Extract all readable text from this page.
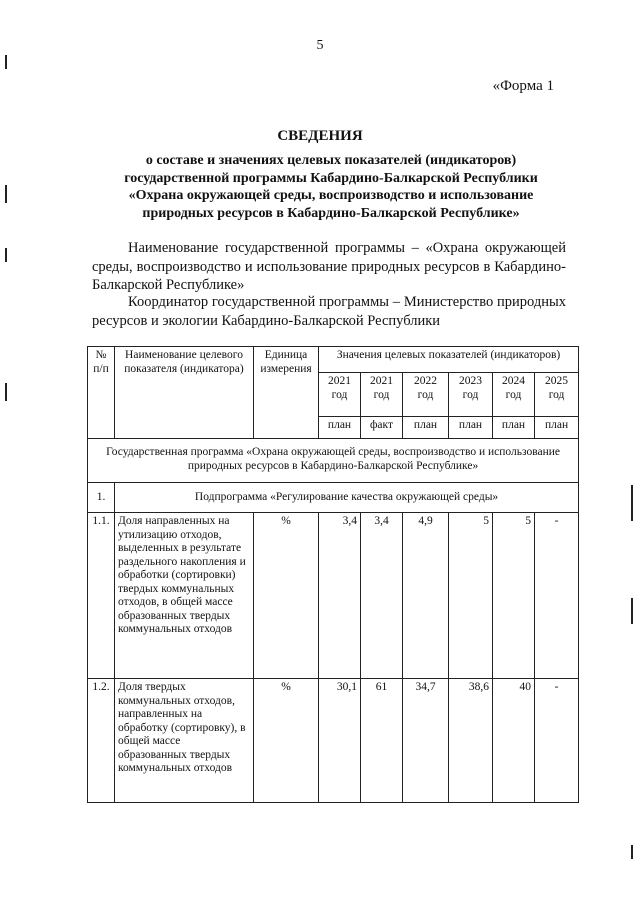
5
«Форма 1
СВЕДЕНИЯ
о составе и значениях целевых показателей (индикаторов)
государственной программы Кабардино-Балкарской Республики
«Охрана окружающей среды, воспроизводство и использование
природных ресурсов в Кабардино-Балкарской Республике»
Наименование государственной программы – «Охрана окружающей среды, воспроизводство и использование природных ресурсов в Кабардино-Балкарской Республике»
Координатор государственной программы – Министерство природных ресурсов и экологии Кабардино-Балкарской Республики
№ п/п	Наименование целевого показателя (индикатора)	Единица измерения	Значения целевых показателей (индикаторов)					
			2021 год	2021 год	2022 год	2023 год	2024 год	2025 год
			план	факт	план	план	план	план
Государственная программа «Охрана окружающей среды, воспроизводство и использование природных ресурсов в Кабардино-Балкарской Республике»								
1.	Подпрограмма «Регулирование качества окружающей среды»							
1.1.	Доля направленных на утилизацию отходов, выделенных в результате раздельного накопления и обработки (сортировки) твердых коммунальных отходов, в общей массе образованных твердых коммунальных отходов	%	3,4	3,4	4,9	5	5	-
1.2.	Доля твердых коммунальных отходов, направленных на обработку (сортировку), в общей массе образованных твердых коммунальных отходов	%	30,1	61	34,7	38,6	40	-
